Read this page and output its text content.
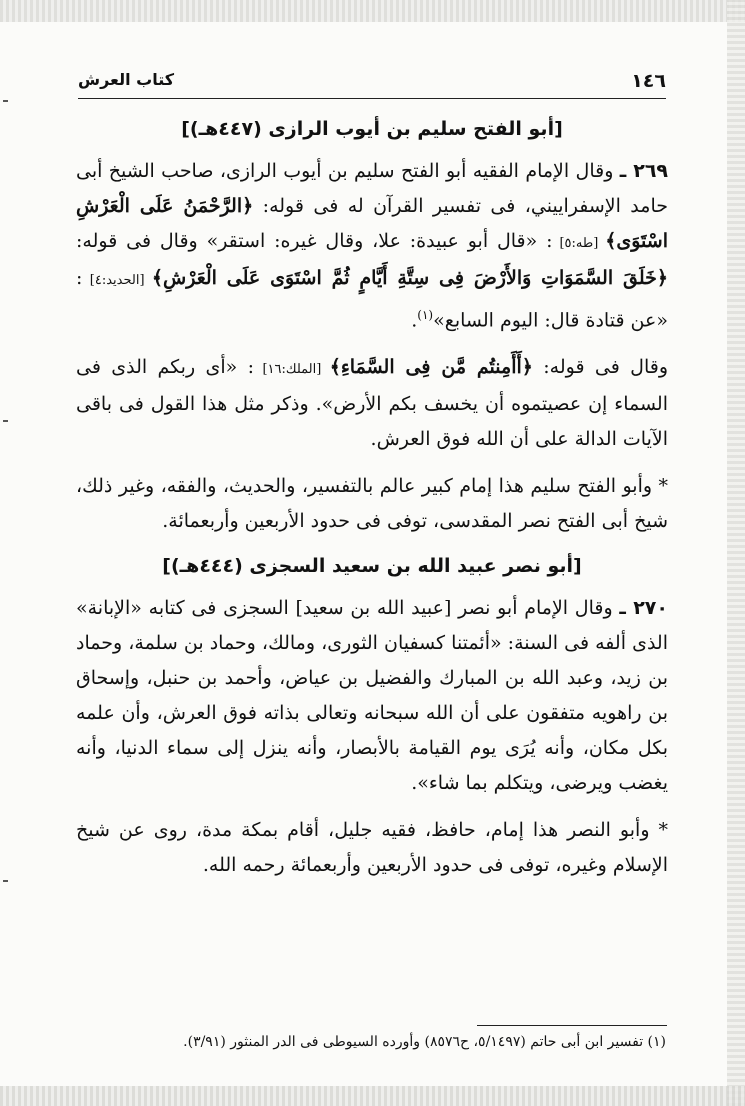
١٤٦
كتاب العرش
[أبو الفتح سليم بن أيوب الرازى (٤٤٧هـ)]

٢٦٩ ـ وقال الإمام الفقيه أبو الفتح سليم بن أيوب الرازى، صاحب الشيخ أبى حامد الإسفراييني، فى تفسير القرآن له فى قوله: ﴿الرَّحْمَنُ عَلَى الْعَرْشِ اسْتَوَى﴾ [طه:٥] : «قال أبو عبيدة: علا، وقال غيره: استقر» وقال فى قوله: ﴿خَلَقَ السَّمَوَاتِ وَالأَرْضَ فِى سِتَّةِ أَيَّامٍ ثُمَّ اسْتَوَى عَلَى الْعَرْشِ﴾ [الحديد:٤] : «عن قتادة قال: اليوم السابع»$^{(١)}$.

وقال فى قوله: ﴿أَأَمِنتُم مَّن فِى السَّمَاءِ﴾ [الملك:١٦] : «أى ربكم الذى فى السماء إن عصيتموه أن يخسف بكم الأرض». وذكر مثل هذا القول فى باقى الآيات الدالة على أن الله فوق العرش.

* وأبو الفتح سليم هذا إمام كبير عالم بالتفسير، والحديث، والفقه، وغير ذلك، شيخ أبى الفتح نصر المقدسى، توفى فى حدود الأربعين وأربعمائة.

[أبو نصر عبيد الله بن سعيد السجزى (٤٤٤هـ)]

٢٧٠ ـ وقال الإمام أبو نصر [عبيد الله بن سعيد] السجزى فى كتابه «الإبانة» الذى ألفه فى السنة: «أئمتنا كسفيان الثورى، ومالك، وحماد بن سلمة، وحماد بن زيد، وعبد الله بن المبارك والفضيل بن عياض، وأحمد بن حنبل، وإسحاق بن راهويه متفقون على أن الله سبحانه وتعالى بذاته فوق العرش، وأن علمه بكل مكان، وأنه يُرَى يوم القيامة بالأبصار، وأنه ينزل إلى سماء الدنيا، وأنه يغضب ويرضى، ويتكلم بما شاء».

* وأبو النصر هذا إمام، حافظ، فقيه جليل، أقام بمكة مدة، روى عن شيخ الإسلام وغيره، توفى فى حدود الأربعين وأربعمائة رحمه الله.

(١) تفسير ابن أبى حاتم (٥/١٤٩٧، ح٨٥٧٦) وأورده السيوطى فى الدر المنثور (٣/٩١).
